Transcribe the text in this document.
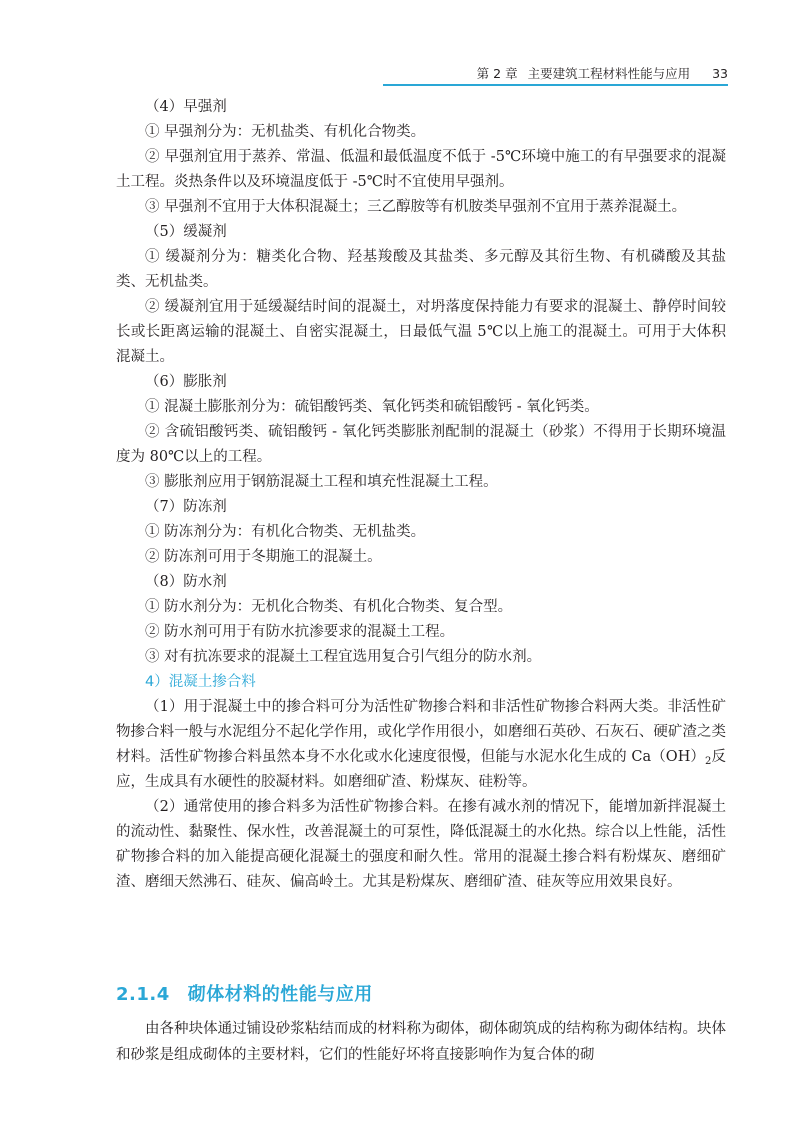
第 2 章 主要建筑工程材料性能与应用 33

（4）早强剂

① 早强剂分为：无机盐类、有机化合物类。

② 早强剂宜用于蒸养、常温、低温和最低温度不低于 -5℃环境中施工的有早强要求的混凝土工程。炎热条件以及环境温度低于 -5℃时不宜使用早强剂。

③ 早强剂不宜用于大体积混凝土；三乙醇胺等有机胺类早强剂不宜用于蒸养混凝土。

（5）缓凝剂

① 缓凝剂分为：糖类化合物、羟基羧酸及其盐类、多元醇及其衍生物、有机磷酸及其盐类、无机盐类。

② 缓凝剂宜用于延缓凝结时间的混凝土，对坍落度保持能力有要求的混凝土、静停时间较长或长距离运输的混凝土、自密实混凝土，日最低气温 5℃以上施工的混凝土。可用于大体积混凝土。

（6）膨胀剂

① 混凝土膨胀剂分为：硫铝酸钙类、氧化钙类和硫铝酸钙 - 氧化钙类。

② 含硫铝酸钙类、硫铝酸钙 - 氧化钙类膨胀剂配制的混凝土（砂浆）不得用于长期环境温度为 80℃以上的工程。

③ 膨胀剂应用于钢筋混凝土工程和填充性混凝土工程。

（7）防冻剂

① 防冻剂分为：有机化合物类、无机盐类。

② 防冻剂可用于冬期施工的混凝土。

（8）防水剂

① 防水剂分为：无机化合物类、有机化合物类、复合型。

② 防水剂可用于有防水抗渗要求的混凝土工程。

③ 对有抗冻要求的混凝土工程宜选用复合引气组分的防水剂。

4）混凝土掺合料

（1）用于混凝土中的掺合料可分为活性矿物掺合料和非活性矿物掺合料两大类。非活性矿物掺合料一般与水泥组分不起化学作用，或化学作用很小，如磨细石英砂、石灰石、硬矿渣之类材料。活性矿物掺合料虽然本身不水化或水化速度很慢，但能与水泥水化生成的 $Ca(OH)_2$反应，生成具有水硬性的胶凝材料。如磨细矿渣、粉煤灰、硅粉等。

（2）通常使用的掺合料多为活性矿物掺合料。在掺有减水剂的情况下，能增加新拌混凝土的流动性、黏聚性、保水性，改善混凝土的可泵性，降低混凝土的水化热。综合以上性能，活性矿物掺合料的加入能提高硬化混凝土的强度和耐久性。常用的混凝土掺合料有粉煤灰、磨细矿渣、磨细天然沸石、硅灰、偏高岭土。尤其是粉煤灰、磨细矿渣、硅灰等应用效果良好。

2.1.4 砌体材料的性能与应用

由各种块体通过铺设砂浆粘结而成的材料称为砌体，砌体砌筑成的结构称为砌体结构。块体和砂浆是组成砌体的主要材料，它们的性能好坏将直接影响作为复合体的砌
